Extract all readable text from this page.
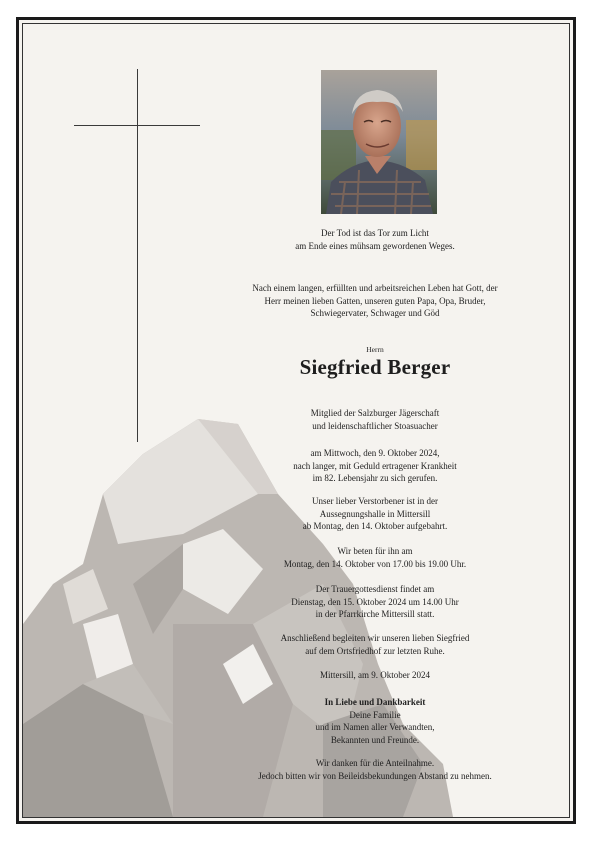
Der Tod ist das Tor zum Licht

am Ende eines mühsam gewordenen Weges.

Nach einem langen, erfüllten und arbeitsreichen Leben hat Gott, der

Herr meinen lieben Gatten, unseren guten Papa, Opa, Bruder,

Schwiegervater, Schwager und Göd

Herrn
Siegfried Berger

Mitglied der Salzburger Jägerschaft

und leidenschaftlicher Stoasuacher

am Mittwoch, den 9. Oktober 2024,

nach langer, mit Geduld ertragener Krankheit

im 82. Lebensjahr zu sich gerufen.

Unser lieber Verstorbener ist in der

Aussegnungshalle in Mittersill

ab Montag, den 14. Oktober aufgebahrt.

Wir beten für ihn am

Montag, den 14. Oktober von 17.00 bis 19.00 Uhr.

Der Trauergottesdienst findet am

Dienstag, den 15. Oktober 2024 um 14.00 Uhr

in der Pfarrkirche Mittersill statt.

Anschließend begleiten wir unseren lieben Siegfried

auf dem Ortsfriedhof zur letzten Ruhe.

Mittersill, am 9. Oktober 2024

In Liebe und Dankbarkeit

Deine Familie

und im Namen aller Verwandten,

Bekannten und Freunde.

Wir danken für die Anteilnahme.

Jedoch bitten wir von Beileidsbekundungen Abstand zu nehmen.
